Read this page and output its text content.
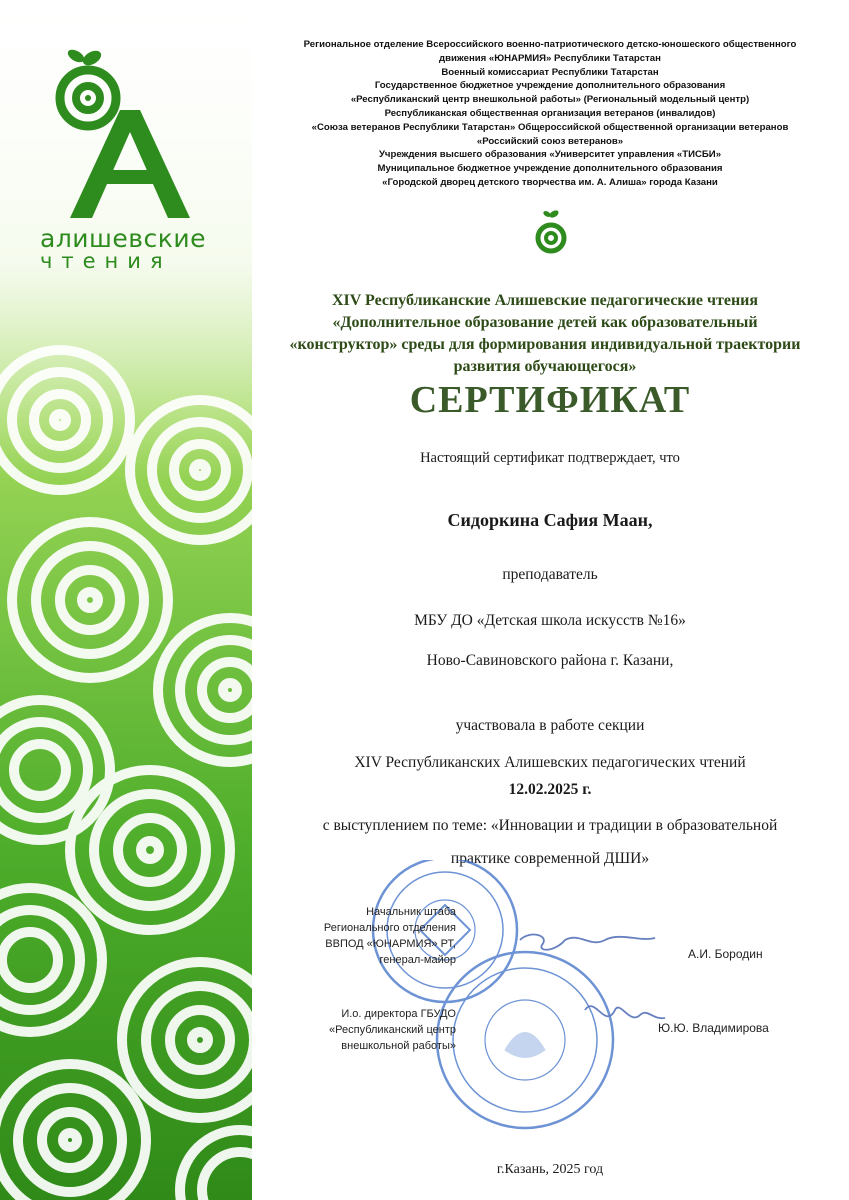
алишевские
чтения
Региональное отделение Всероссийского военно-патриотического детско-юношеского общественного
движения «ЮНАРМИЯ» Республики Татарстан
Военный комиссариат Республики Татарстан
Государственное бюджетное учреждение дополнительного образования
«Республиканский центр внешкольной работы» (Региональный модельный центр)
Республиканская общественная организация ветеранов (инвалидов)
«Союза ветеранов Республики Татарстан» Общероссийской общественной организации ветеранов
«Российский союз ветеранов»
Учреждения высшего образования «Университет управления «ТИСБИ»
Муниципальное бюджетное учреждение дополнительного образования
«Городской дворец детского творчества им. А. Алиша» города Казани
XIV Республиканские Алишевские педагогические чтения
«Дополнительное образование детей как образовательный
«конструктор» среды для формирования индивидуальной траектории
развития обучающегося»
СЕРТИФИКАТ
Настоящий сертификат подтверждает, что
Сидоркина Сафия Маан,
преподаватель
МБУ ДО «Детская школа искусств №16»
Ново-Савиновского района г. Казани,
участвовала в работе секции
XIV Республиканских Алишевских педагогических чтений
12.02.2025 г.
с выступлением по теме: «Инновации и традиции в образовательной
практике современной ДШИ»
Начальник штаба
Регионального отделения
ВВПОД «ЮНАРМИЯ» РТ,
генерал-майор	А.И. Бородин
И.о. директора ГБУДО
«Республиканский центр
внешкольной работы»
Ю.Ю. Владимирова
г.Казань, 2025 год
